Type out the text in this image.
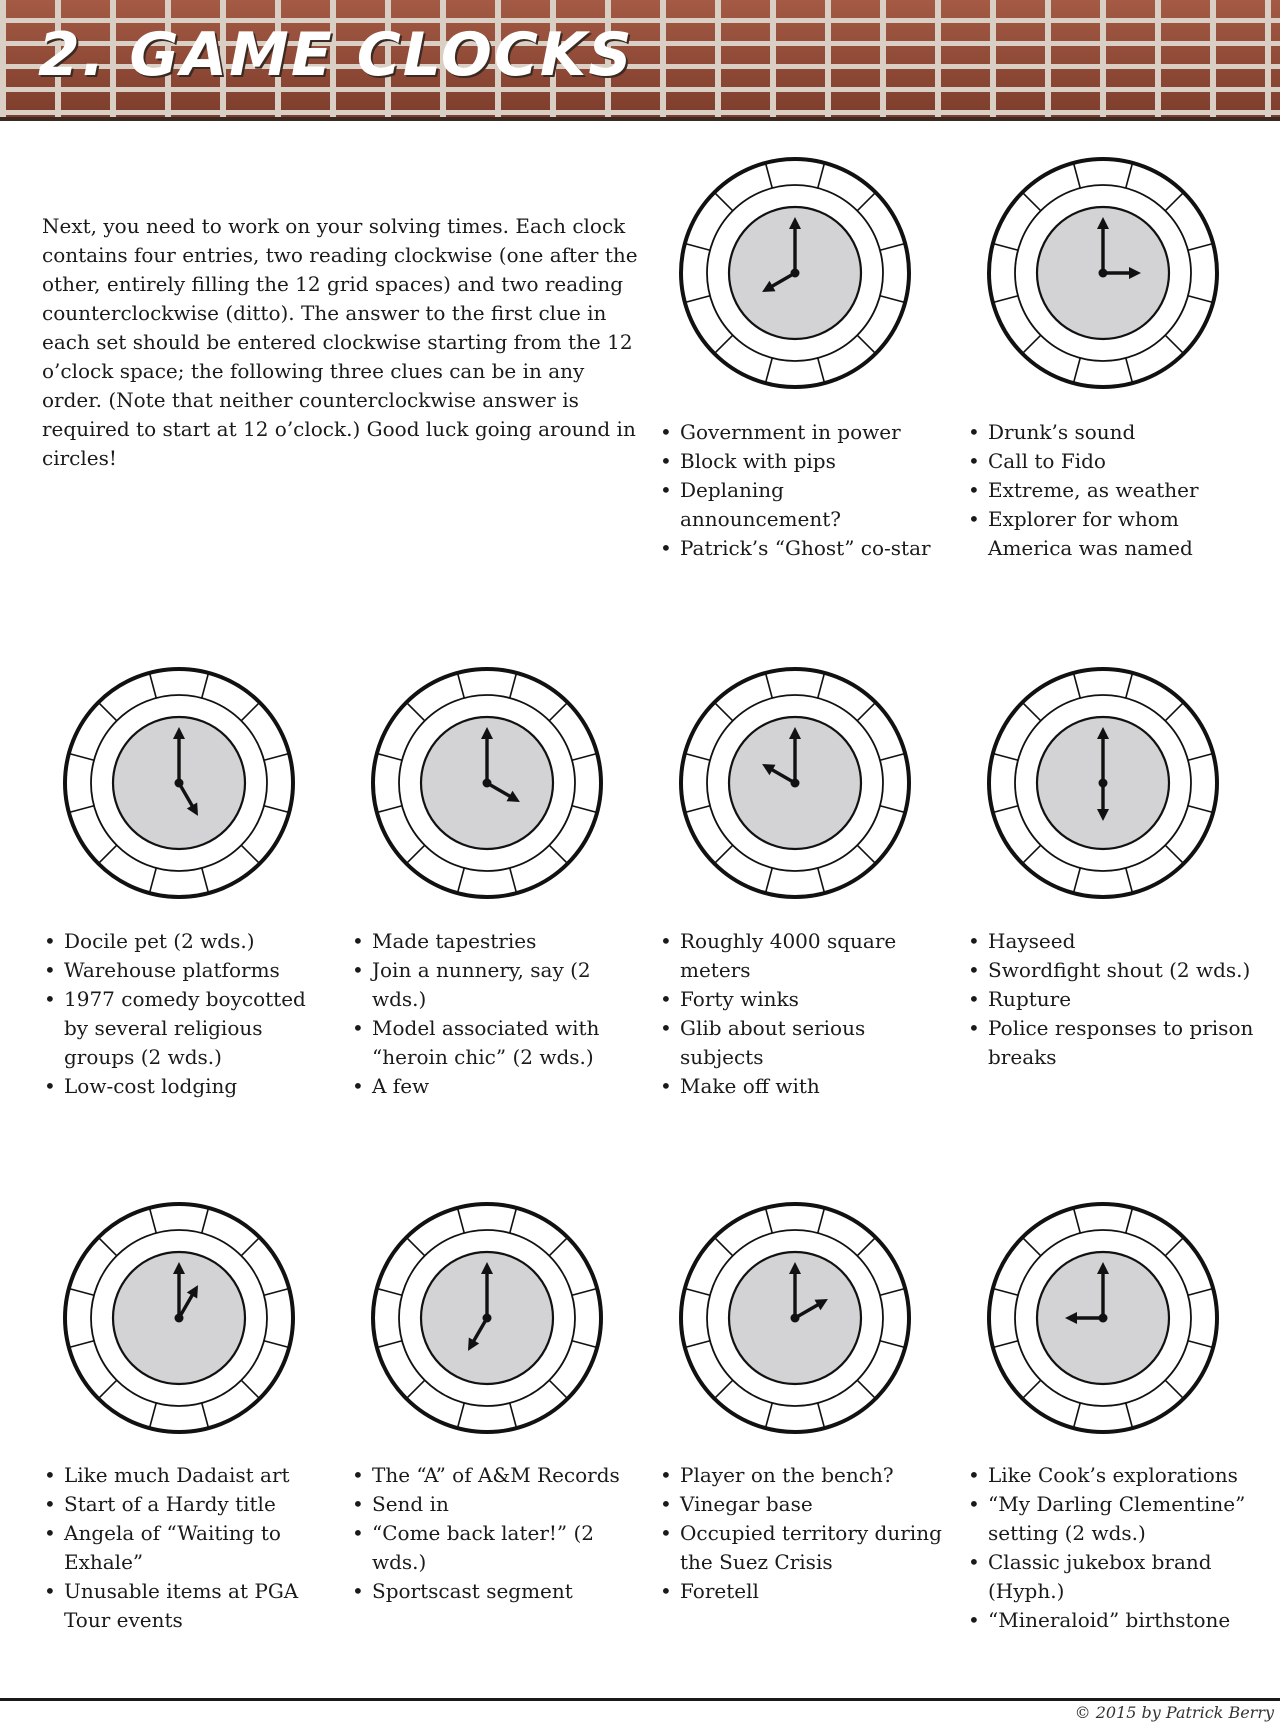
2. GAME CLOCKS
Next, you need to work on your solving times. Each clock contains four entries, two reading clockwise (one after the other, entirely filling the 12 grid spaces) and two reading counterclockwise (ditto). The answer to the first clue in each set should be entered clockwise starting from the 12 o’clock space; the following three clues can be in any order. (Note that neither counterclockwise answer is required to start at 12 o’clock.) Good luck going around in circles!
• Government in power
• Block with pips
• Deplaning announcement?
• Patrick’s “Ghost” co-star
• Drunk’s sound
• Call to Fido
• Extreme, as weather
• Explorer for whom America was named
• Docile pet (2 wds.)
• Warehouse platforms
• 1977 comedy boycotted by several religious groups (2 wds.)
• Low-cost lodging
• Made tapestries
• Join a nunnery, say (2 wds.)
• Model associated with “heroin chic” (2 wds.)
• A few
• Roughly 4000 square meters
• Forty winks
• Glib about serious subjects
• Make off with
• Hayseed
• Swordfight shout (2 wds.)
• Rupture
• Police responses to prison breaks
• Like much Dadaist art
• Start of a Hardy title
• Angela of “Waiting to Exhale”
• Unusable items at PGA Tour events
• The “A” of A&M Records
• Send in
• “Come back later!” (2 wds.)
• Sportscast segment
• Player on the bench?
• Vinegar base
• Occupied territory during the Suez Crisis
• Foretell
• Like Cook’s explorations
• “My Darling Clementine” setting (2 wds.)
• Classic jukebox brand (Hyph.)
• “Mineraloid” birthstone
© 2015 by Patrick Berry
